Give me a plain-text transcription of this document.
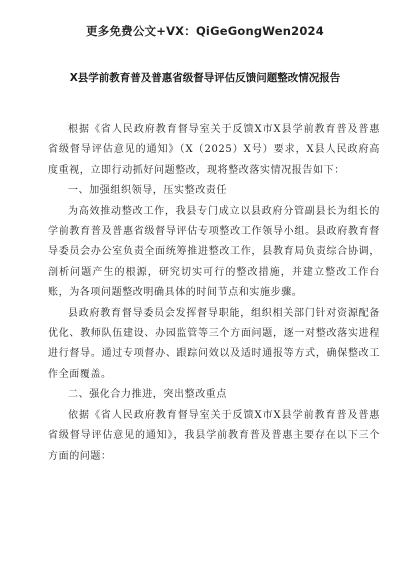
更多免费公文+VX：QiGeGongWen2024
X县学前教育普及普惠省级督导评估反馈问题整改情况报告

根据《省人民政府教育督导室关于反馈X市X县学前教育普及普惠省级督导评估意见的通知》（X（2025）X号）要求，X县人民政府高度重视，立即行动抓好问题整改，现将整改落实情况报告如下：

一、加强组织领导，压实整改责任

为高效推动整改工作，我县专门成立以县政府分管副县长为组长的学前教育普及普惠省级督导评估专项整改工作领导小组。县政府教育督导委员会办公室负责全面统筹推进整改工作，县教育局负责综合协调，剖析问题产生的根源，研究切实可行的整改措施，并建立整改工作台账，为各项问题整改明确具体的时间节点和实施步骤。

县政府教育督导委员会发挥督导职能，组织相关部门针对资源配备优化、教师队伍建设、办园监管等三个方面问题，逐一对整改落实进程进行督导。通过专项督办、跟踪问效以及适时通报等方式，确保整改工作全面覆盖。

二、强化合力推进，突出整改重点

依据《省人民政府教育督导室关于反馈X市X县学前教育普及普惠省级督导评估意见的通知》，我县学前教育普及普惠主要存在以下三个方面的问题：
